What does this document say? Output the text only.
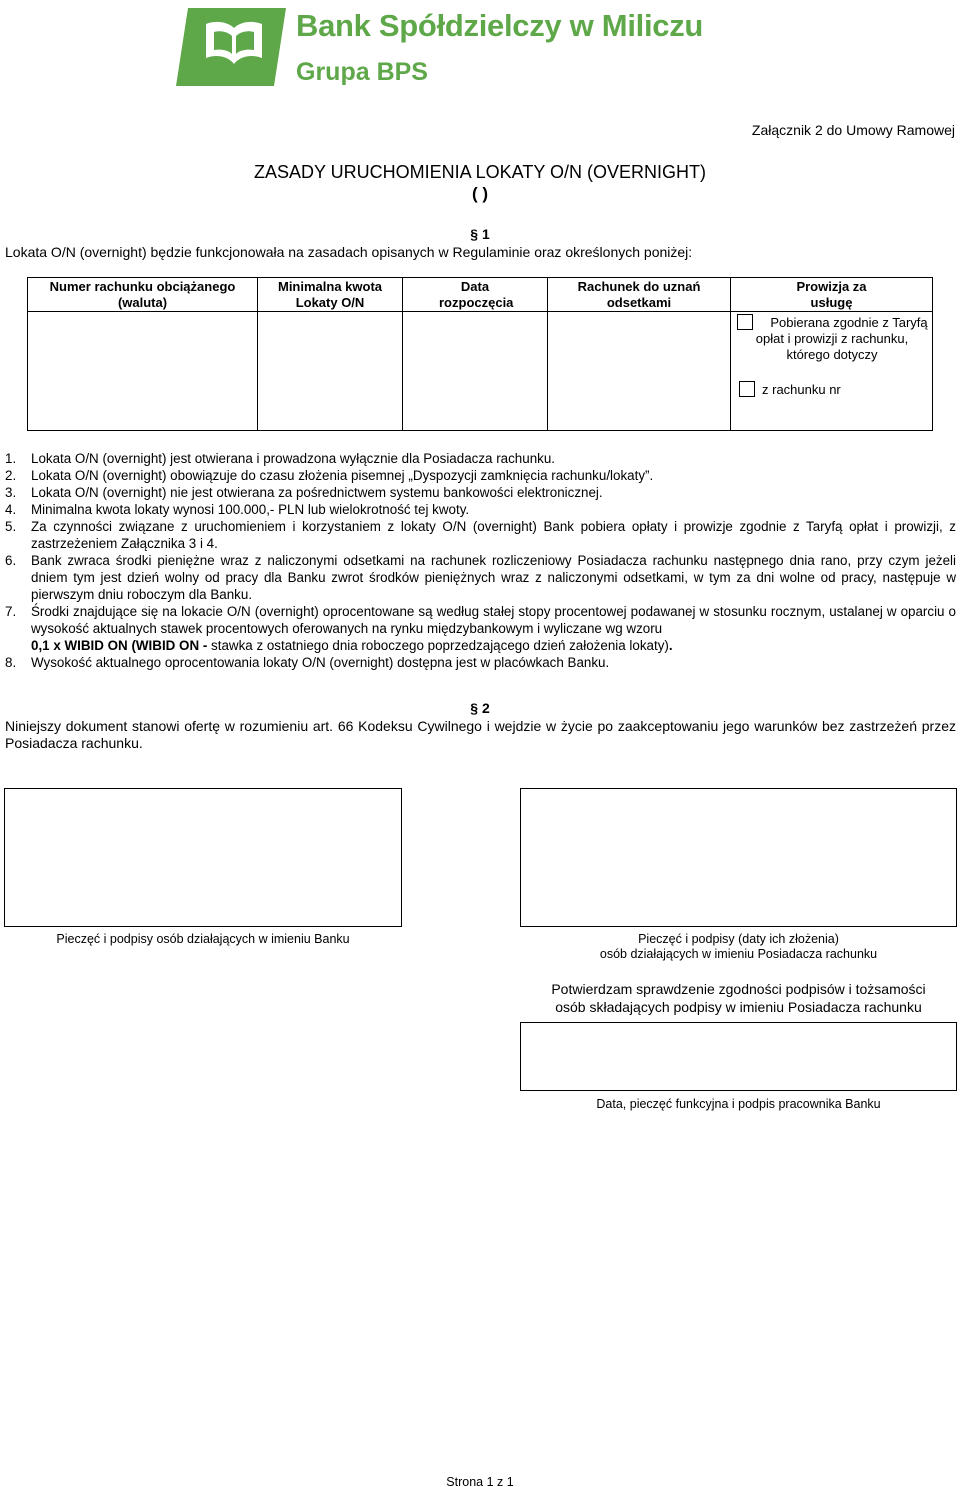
Bank Spółdzielczy w Miliczu
Grupa BPS
Załącznik 2 do Umowy Ramowej
ZASADY URUCHOMIENIA LOKATY O/N (OVERNIGHT)
( )
§ 1
Lokata O/N (overnight) będzie funkcjonowała na zasadach opisanych w Regulaminie oraz określonych poniżej:
Numer rachunku obciążanego (waluta)
Minimalna kwota Lokaty O/N
Data rozpoczęcia
Rachunek do uznań odsetkami
Prowizja za usługę
Pobierana zgodnie z Taryfą opłat i prowizji z rachunku, którego dotyczy
z rachunku nr
1. Lokata O/N (overnight) jest otwierana i prowadzona wyłącznie dla Posiadacza rachunku.
2. Lokata O/N (overnight) obowiązuje do czasu złożenia pisemnej „Dyspozycji zamknięcia rachunku/lokaty”.
3. Lokata O/N (overnight) nie jest otwierana za pośrednictwem systemu bankowości elektronicznej.
4. Minimalna kwota lokaty wynosi 100.000,- PLN lub wielokrotność tej kwoty.
5. Za czynności związane z uruchomieniem i korzystaniem z lokaty O/N (overnight) Bank pobiera opłaty i prowizje zgodnie z Taryfą opłat i prowizji, z zastrzeżeniem Załącznika 3 i 4.
6. Bank zwraca środki pieniężne wraz z naliczonymi odsetkami na rachunek rozliczeniowy Posiadacza rachunku następnego dnia rano, przy czym jeżeli dniem tym jest dzień wolny od pracy dla Banku zwrot środków pieniężnych wraz z naliczonymi odsetkami, w tym za dni wolne od pracy, następuje w pierwszym dniu roboczym dla Banku.
7. Środki znajdujące się na lokacie O/N (overnight) oprocentowane są według stałej stopy procentowej podawanej w stosunku rocznym, ustalanej w oparciu o wysokość aktualnych stawek procentowych oferowanych na rynku międzybankowym i wyliczane wg wzoru
0,1 x WIBID ON (WIBID ON - stawka z ostatniego dnia roboczego poprzedzającego dzień założenia lokaty).
8. Wysokość aktualnego oprocentowania lokaty O/N (overnight) dostępna jest w placówkach Banku.
§ 2
Niniejszy dokument stanowi ofertę w rozumieniu art. 66 Kodeksu Cywilnego i wejdzie w życie po zaakceptowaniu jego warunków bez zastrzeżeń przez Posiadacza rachunku.
Pieczęć i podpisy osób działających w imieniu Banku	Pieczęć i podpisy (daty ich złożenia)
osób działających w imieniu Posiadacza rachunku
Potwierdzam sprawdzenie zgodności podpisów i tożsamości
osób składających podpisy w imieniu Posiadacza rachunku
Data, pieczęć funkcyjna i podpis pracownika Banku
Strona 1 z 1
